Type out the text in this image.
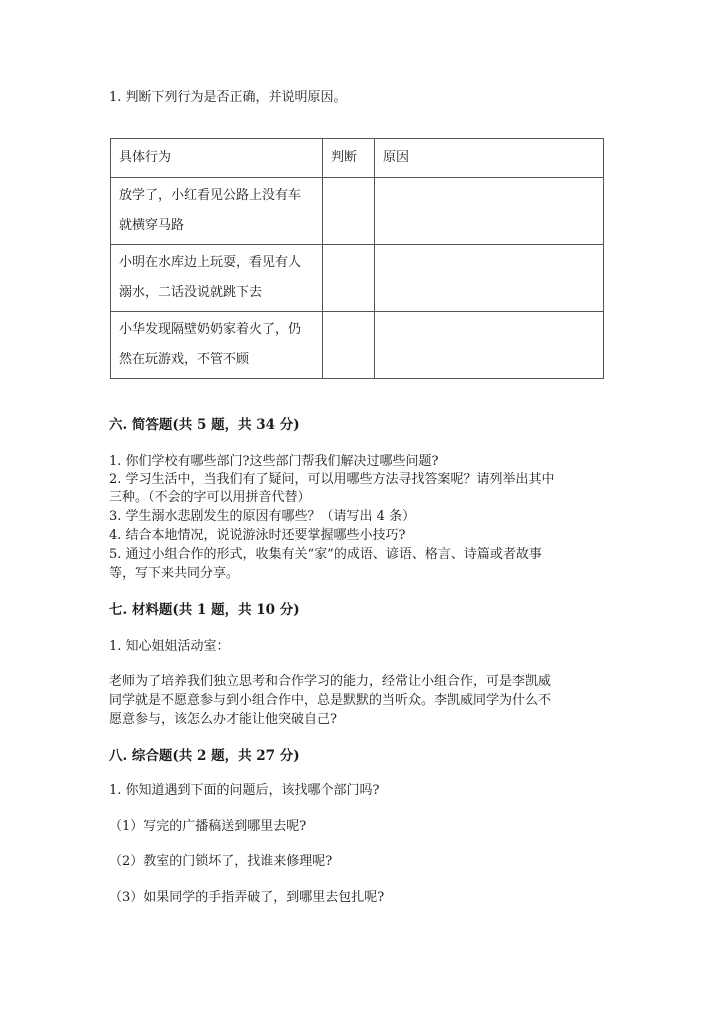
1. 判断下列行为是否正确，并说明原因。
具体行为	判断	原因

放学了，小红看见公路上没有车
就横穿马路		

小明在水库边上玩耍，看见有人
溺水，二话没说就跳下去		

小华发现隔壁奶奶家着火了，仍
然在玩游戏，不管不顾		

六. 简答题(共 5 题，共 34 分)
1. 你们学校有哪些部门?这些部门帮我们解决过哪些问题?
2. 学习生活中，当我们有了疑问，可以用哪些方法寻找答案呢？请列举出其中
三种。（不会的字可以用拼音代替）
3. 学生溺水悲剧发生的原因有哪些？（请写出 4 条）
4. 结合本地情况，说说游泳时还要掌握哪些小技巧?
5. 通过小组合作的形式，收集有关“家”的成语、谚语、格言、诗篇或者故事
等，写下来共同分享。
七. 材料题(共 1 题，共 10 分)
1. 知心姐姐活动室：
老师为了培养我们独立思考和合作学习的能力，经常让小组合作，可是李凯威
同学就是不愿意参与到小组合作中，总是默默的当听众。李凯威同学为什么不
愿意参与，该怎么办才能让他突破自己?
八. 综合题(共 2 题，共 27 分)
1. 你知道遇到下面的问题后，该找哪个部门吗?
（1）写完的广播稿送到哪里去呢?
（2）教室的门锁坏了，找谁来修理呢?
（3）如果同学的手指弄破了，到哪里去包扎呢?
